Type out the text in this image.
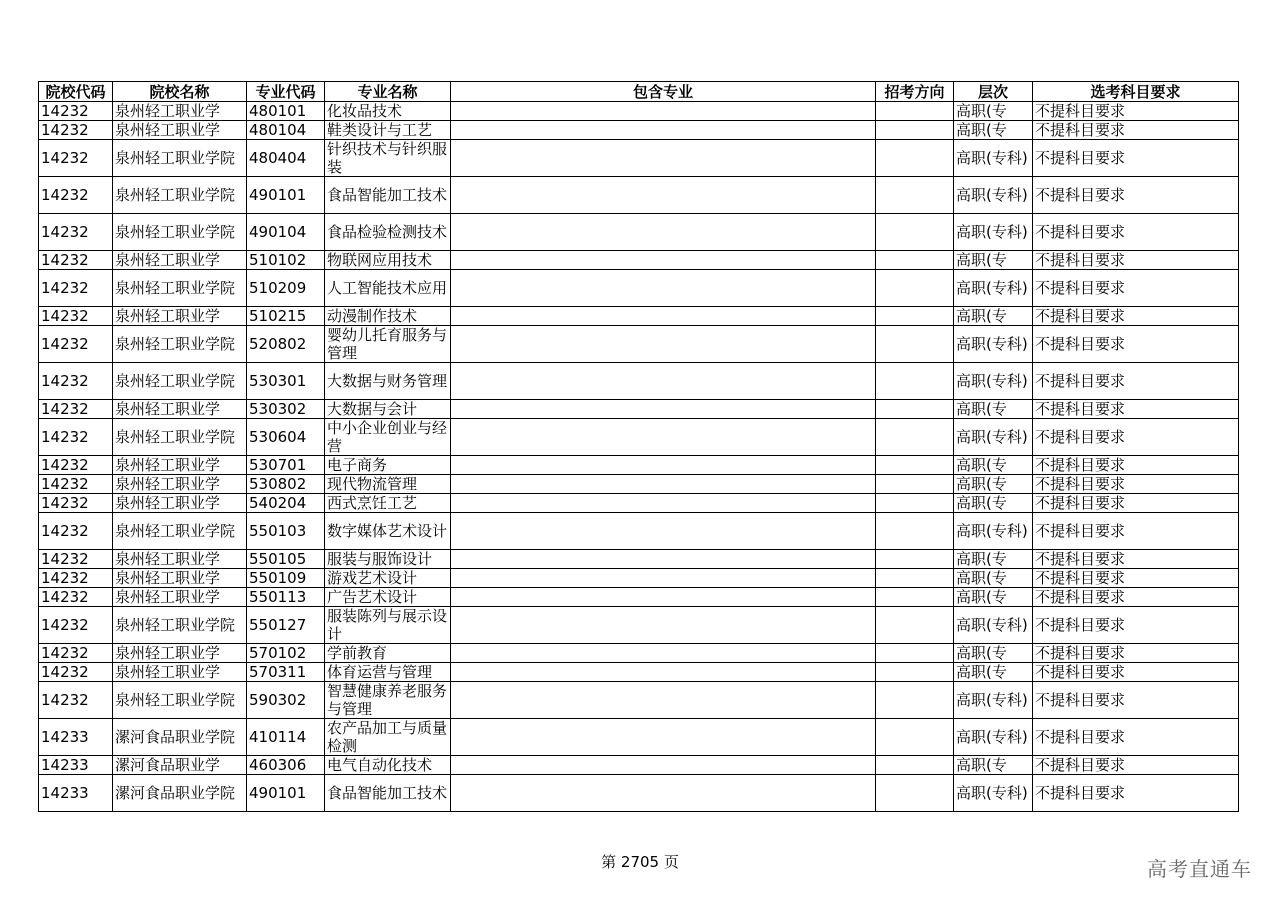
院校代码	院校名称	专业代码	专业名称	包含专业	招考方向	层次	选考科目要求
14232	泉州轻工职业学	480101	化妆品技术			高职(专	不提科目要求
14232	泉州轻工职业学	480104	鞋类设计与工艺			高职(专	不提科目要求
14232	泉州轻工职业学院	480404	针织技术与针织服装			高职(专科)	不提科目要求
14232	泉州轻工职业学院	490101	食品智能加工技术			高职(专科)	不提科目要求
14232	泉州轻工职业学院	490104	食品检验检测技术			高职(专科)	不提科目要求
14232	泉州轻工职业学	510102	物联网应用技术			高职(专	不提科目要求
14232	泉州轻工职业学院	510209	人工智能技术应用			高职(专科)	不提科目要求
14232	泉州轻工职业学	510215	动漫制作技术			高职(专	不提科目要求
14232	泉州轻工职业学院	520802	婴幼儿托育服务与管理			高职(专科)	不提科目要求
14232	泉州轻工职业学院	530301	大数据与财务管理			高职(专科)	不提科目要求
14232	泉州轻工职业学	530302	大数据与会计			高职(专	不提科目要求
14232	泉州轻工职业学院	530604	中小企业创业与经营			高职(专科)	不提科目要求
14232	泉州轻工职业学	530701	电子商务			高职(专	不提科目要求
14232	泉州轻工职业学	530802	现代物流管理			高职(专	不提科目要求
14232	泉州轻工职业学	540204	西式烹饪工艺			高职(专	不提科目要求
14232	泉州轻工职业学院	550103	数字媒体艺术设计			高职(专科)	不提科目要求
14232	泉州轻工职业学	550105	服装与服饰设计			高职(专	不提科目要求
14232	泉州轻工职业学	550109	游戏艺术设计			高职(专	不提科目要求
14232	泉州轻工职业学	550113	广告艺术设计			高职(专	不提科目要求
14232	泉州轻工职业学院	550127	服装陈列与展示设计			高职(专科)	不提科目要求
14232	泉州轻工职业学	570102	学前教育			高职(专	不提科目要求
14232	泉州轻工职业学	570311	体育运营与管理			高职(专	不提科目要求
14232	泉州轻工职业学院	590302	智慧健康养老服务与管理			高职(专科)	不提科目要求
14233	漯河食品职业学院	410114	农产品加工与质量检测			高职(专科)	不提科目要求
14233	漯河食品职业学	460306	电气自动化技术			高职(专	不提科目要求
14233	漯河食品职业学院	490101	食品智能加工技术			高职(专科)	不提科目要求
第 2705 页	高考直通车
